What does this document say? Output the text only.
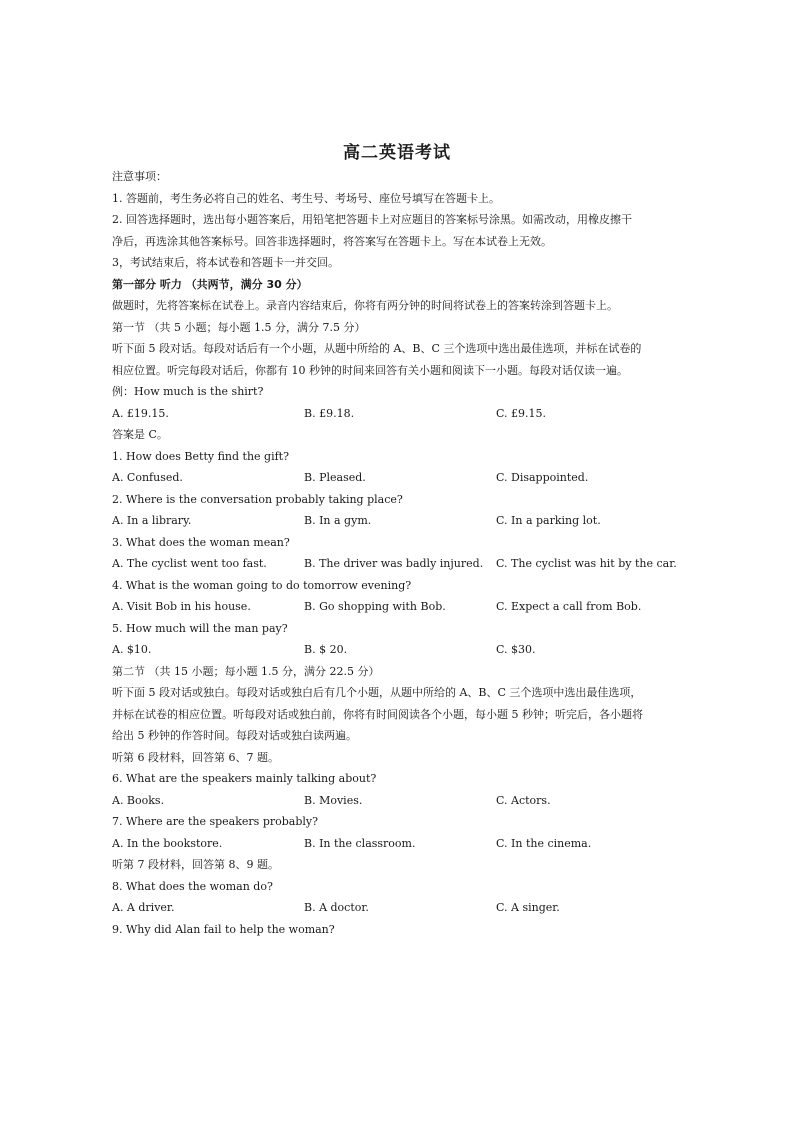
高二英语考试
注意事项：
1. 答题前，考生务必将自己的姓名、考生号、考场号、座位号填写在答题卡上。
2. 回答选择题时，选出每小题答案后，用铅笔把答题卡上对应题目的答案标号涂黑。如需改动，用橡皮擦干
净后，再选涂其他答案标号。回答非选择题时，将答案写在答题卡上。写在本试卷上无效。
3，考试结束后，将本试卷和答题卡一并交回。
第一部分 听力 （共两节，满分 30 分）
做题时，先将答案标在试卷上。录音内容结束后，你将有两分钟的时间将试卷上的答案转涂到答题卡上。
第一节 （共 5 小题；每小题 1.5 分，满分 7.5 分）
听下面 5 段对话。每段对话后有一个小题，从题中所给的 A、B、C 三个选项中选出最佳选项，并标在试卷的
相应位置。听完每段对话后，你都有 10 秒钟的时间来回答有关小题和阅读下一小题。每段对话仅读一遍。
例：How much is the shirt?
A. £19.15.	B. £9.18.	C. £9.15.
答案是 C。
1. How does Betty find the gift?
A. Confused.	B. Pleased.	C. Disappointed.
2. Where is the conversation probably taking place?
A. In a library.	B. In a gym.	C. In a parking lot.
3. What does the woman mean?
A. The cyclist went too fast.	B. The driver was badly injured.	C. The cyclist was hit by the car.
4. What is the woman going to do tomorrow evening?
A. Visit Bob in his house.	B. Go shopping with Bob.	C. Expect a call from Bob.
5. How much will the man pay?
A. $10.	B. $ 20.	C. $30.
第二节 （共 15 小题；每小题 1.5 分，满分 22.5 分）
听下面 5 段对话或独白。每段对话或独白后有几个小题，从题中所给的 A、B、C 三个选项中选出最佳选项，
并标在试卷的相应位置。听每段对话或独白前，你将有时间阅读各个小题，每小题 5 秒钟；听完后，各小题将
给出 5 秒钟的作答时间。每段对话或独白读两遍。
听第 6 段材料，回答第 6、7 题。
6. What are the speakers mainly talking about?
A. Books.	B. Movies.	C. Actors.
7. Where are the speakers probably?
A. In the bookstore.	B. In the classroom.	C. In the cinema.
听第 7 段材料，回答第 8、9 题。
8. What does the woman do?
A. A driver.	B. A doctor.	C. A singer.
9. Why did Alan fail to help the woman?
